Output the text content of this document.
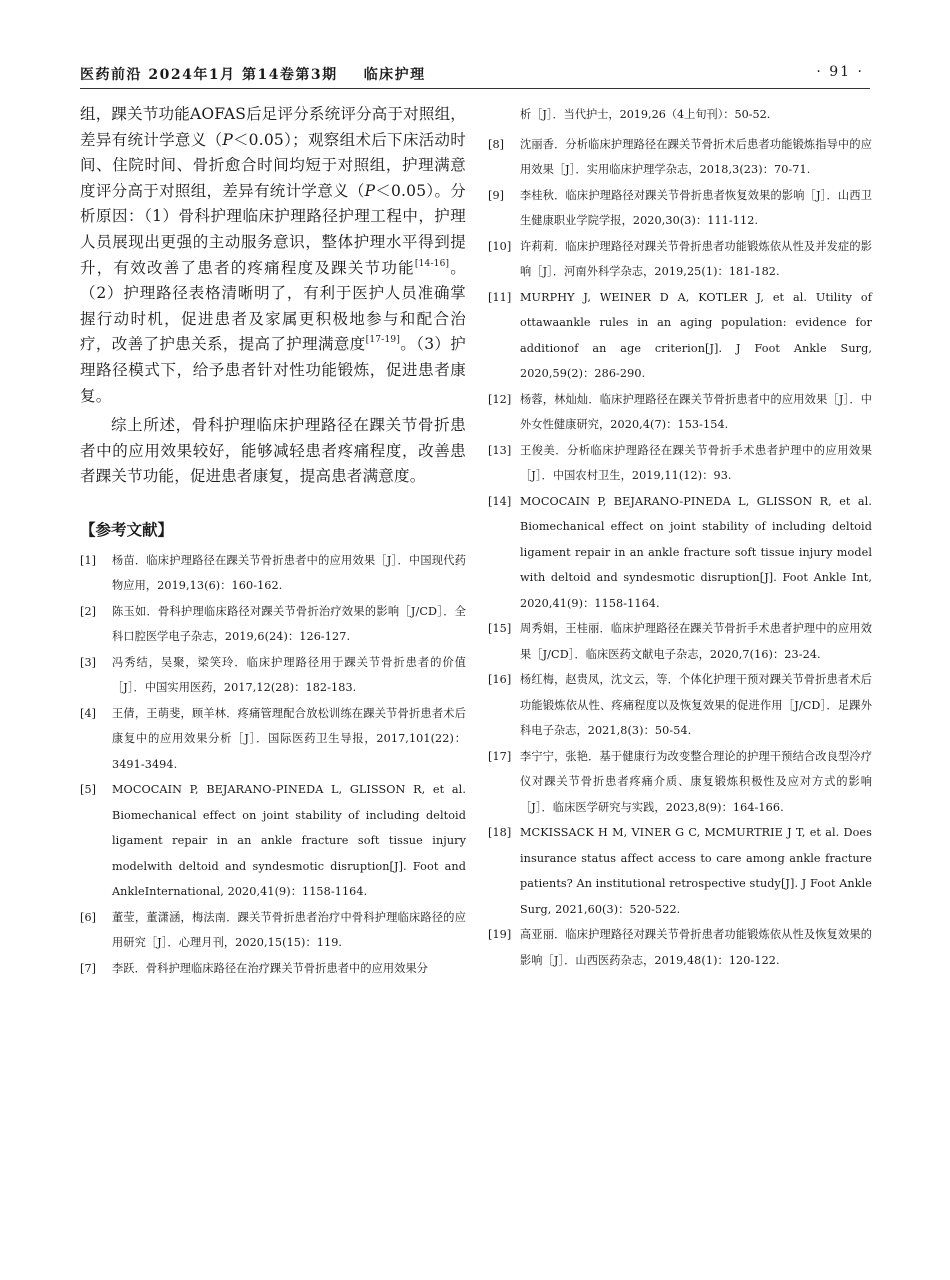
医药前沿 2024年1月 第14卷第3期 临床护理	· 91 ·

组，踝关节功能AOFAS后足评分系统评分高于对照组，差异有统计学意义（P＜0.05）；观察组术后下床活动时间、住院时间、骨折愈合时间均短于对照组，护理满意度评分高于对照组，差异有统计学意义（P＜0.05）。分析原因：（1）骨科护理临床护理路径护理工程中，护理人员展现出更强的主动服务意识，整体护理水平得到提升，有效改善了患者的疼痛程度及踝关节功能[14-16]。（2）护理路径表格清晰明了，有利于医护人员准确掌握行动时机，促进患者及家属更积极地参与和配合治疗，改善了护患关系，提高了护理满意度[17-19]。（3）护理路径模式下，给予患者针对性功能锻炼，促进患者康复。

综上所述，骨科护理临床护理路径在踝关节骨折患者中的应用效果较好，能够减轻患者疼痛程度，改善患者踝关节功能，促进患者康复，提高患者满意度。

【参考文献】
[1]	杨苗．临床护理路径在踝关节骨折患者中的应用效果［J］．中国现代药物应用，2019,13(6)：160-162.
[2]	陈玉如．骨科护理临床路径对踝关节骨折治疗效果的影响［J/CD］．全科口腔医学电子杂志，2019,6(24)：126-127.
[3]	冯秀结，吴聚，梁笑玲．临床护理路径用于踝关节骨折患者的价值［J］．中国实用医药，2017,12(28)：182-183.
[4]	王倩，王萌斐，顾羊林．疼痛管理配合放松训练在踝关节骨折患者术后康复中的应用效果分析［J］．国际医药卫生导报，2017,101(22)：3491-3494.
[5]	MOCOCAIN P, BEJARANO-PINEDA L, GLISSON R, et al. Biomechanical effect on joint stability of including deltoid ligament repair in an ankle fracture soft tissue injury modelwith deltoid and syndesmotic disruption[J]. Foot and AnkleInternational, 2020,41(9)：1158-1164.
[6]	董莹，董潇涵，梅法南．踝关节骨折患者治疗中骨科护理临床路径的应用研究［J］．心理月刊，2020,15(15)：119.
[7]	李跃．骨科护理临床路径在治疗踝关节骨折患者中的应用效果分
析［J］．当代护士，2019,26（4上旬刊）：50-52.
[8]	沈丽香．分析临床护理路径在踝关节骨折术后患者功能锻炼指导中的应用效果［J］．实用临床护理学杂志，2018,3(23)：70-71.
[9]	李桂秋．临床护理路径对踝关节骨折患者恢复效果的影响［J］．山西卫生健康职业学院学报，2020,30(3)：111-112.
[10] 许莉莉．临床护理路径对踝关节骨折患者功能锻炼依从性及并发症的影响［J］．河南外科学杂志，2019,25(1)：181-182.
[11] MURPHY J, WEINER D A, KOTLER J, et al. Utility of ottawaankle rules in an aging population: evidence for additionof an age criterion[J]. J Foot Ankle Surg, 2020,59(2)：286-290.
[12] 杨蓉，林灿灿．临床护理路径在踝关节骨折患者中的应用效果［J］．中外女性健康研究，2020,4(7)：153-154.
[13] 王俊美．分析临床护理路径在踝关节骨折手术患者护理中的应用效果［J］．中国农村卫生，2019,11(12)：93.
[14] MOCOCAIN P, BEJARANO-PINEDA L, GLISSON R, et al. Biomechanical effect on joint stability of including deltoid ligament repair in an ankle fracture soft tissue injury model with deltoid and syndesmotic disruption[J]. Foot Ankle Int, 2020,41(9)：1158-1164.
[15] 周秀娟，王桂丽．临床护理路径在踝关节骨折手术患者护理中的应用效果［J/CD］．临床医药文献电子杂志，2020,7(16)：23-24.
[16] 杨红梅，赵贵凤，沈文云，等．个体化护理干预对踝关节骨折患者术后功能锻炼依从性、疼痛程度以及恢复效果的促进作用［J/CD］．足踝外科电子杂志，2021,8(3)：50-54.
[17] 李宁宁，张艳．基于健康行为改变整合理论的护理干预结合改良型冷疗仪对踝关节骨折患者疼痛介质、康复锻炼积极性及应对方式的影响［J］．临床医学研究与实践，2023,8(9)：164-166.
[18] MCKISSACK H M, VINER G C, MCMURTRIE J T, et al. Does insurance status affect access to care among ankle fracture patients? An institutional retrospective study[J]. J Foot Ankle Surg, 2021,60(3)：520-522.
[19] 高亚丽．临床护理路径对踝关节骨折患者功能锻炼依从性及恢复效果的影响［J］．山西医药杂志，2019,48(1)：120-122.
